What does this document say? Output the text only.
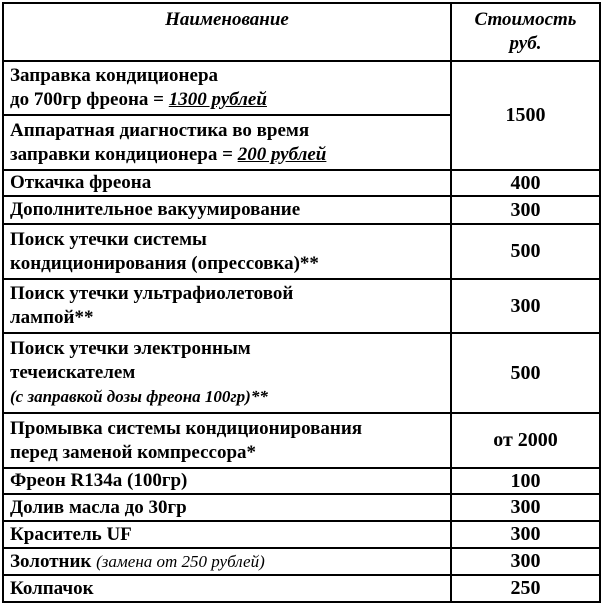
Наименование	Стоимость
руб.
Заправка кондиционера
до 700гр фреона = 1300 рублей	1500
Аппаратная диагностика во время
заправки кондиционера = 200 рублей	
Откачка фреона	400
Дополнительное вакуумирование	300
Поиск утечки системы
кондиционирования (опрессовка)**	500
Поиск утечки ультрафиолетовой
лампой**	300
Поиск утечки электронным
течеискателем
(с заправкой дозы фреона 100гр)**	500
Промывка системы кондиционирования
перед заменой компрессора*	от 2000
Фреон R134a (100гр)	100
Долив масла до 30гр	300
Краситель UF	300
Золотник (замена от 250 рублей)	300
Колпачок	250
